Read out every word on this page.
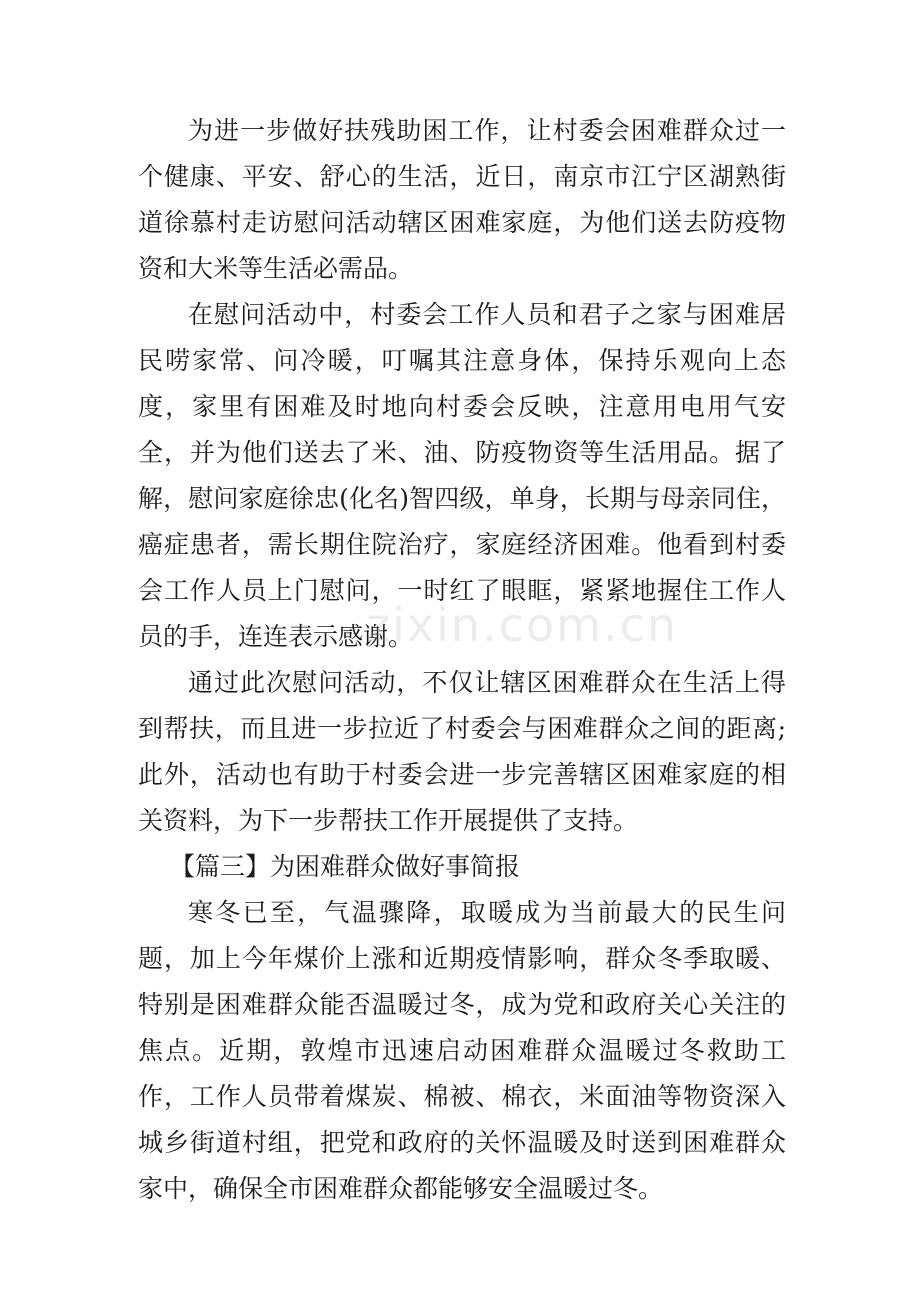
为进一步做好扶残助困工作，让村委会困难群众过一个健康、平安、舒心的生活，近日，南京市江宁区湖熟街道徐慕村走访慰问活动辖区困难家庭，为他们送去防疫物资和大米等生活必需品。

在慰问活动中，村委会工作人员和君子之家与困难居民唠家常、问冷暖，叮嘱其注意身体，保持乐观向上态度，家里有困难及时地向村委会反映，注意用电用气安全，并为他们送去了米、油、防疫物资等生活用品。据了解，慰问家庭徐忠(化名)智四级，单身，长期与母亲同住，癌症患者，需长期住院治疗，家庭经济困难。他看到村委会工作人员上门慰问，一时红了眼眶，紧紧地握住工作人员的手，连连表示感谢。

通过此次慰问活动，不仅让辖区困难群众在生活上得到帮扶，而且进一步拉近了村委会与困难群众之间的距离;此外，活动也有助于村委会进一步完善辖区困难家庭的相关资料，为下一步帮扶工作开展提供了支持。

【篇三】为困难群众做好事简报

寒冬已至，气温骤降，取暖成为当前最大的民生问题，加上今年煤价上涨和近期疫情影响，群众冬季取暖、特别是困难群众能否温暖过冬，成为党和政府关心关注的焦点。近期，敦煌市迅速启动困难群众温暖过冬救助工作，工作人员带着煤炭、棉被、棉衣，米面油等物资深入城乡街道村组，把党和政府的关怀温暖及时送到困难群众家中，确保全市困难群众都能够安全温暖过冬。

zixin.com.cn
